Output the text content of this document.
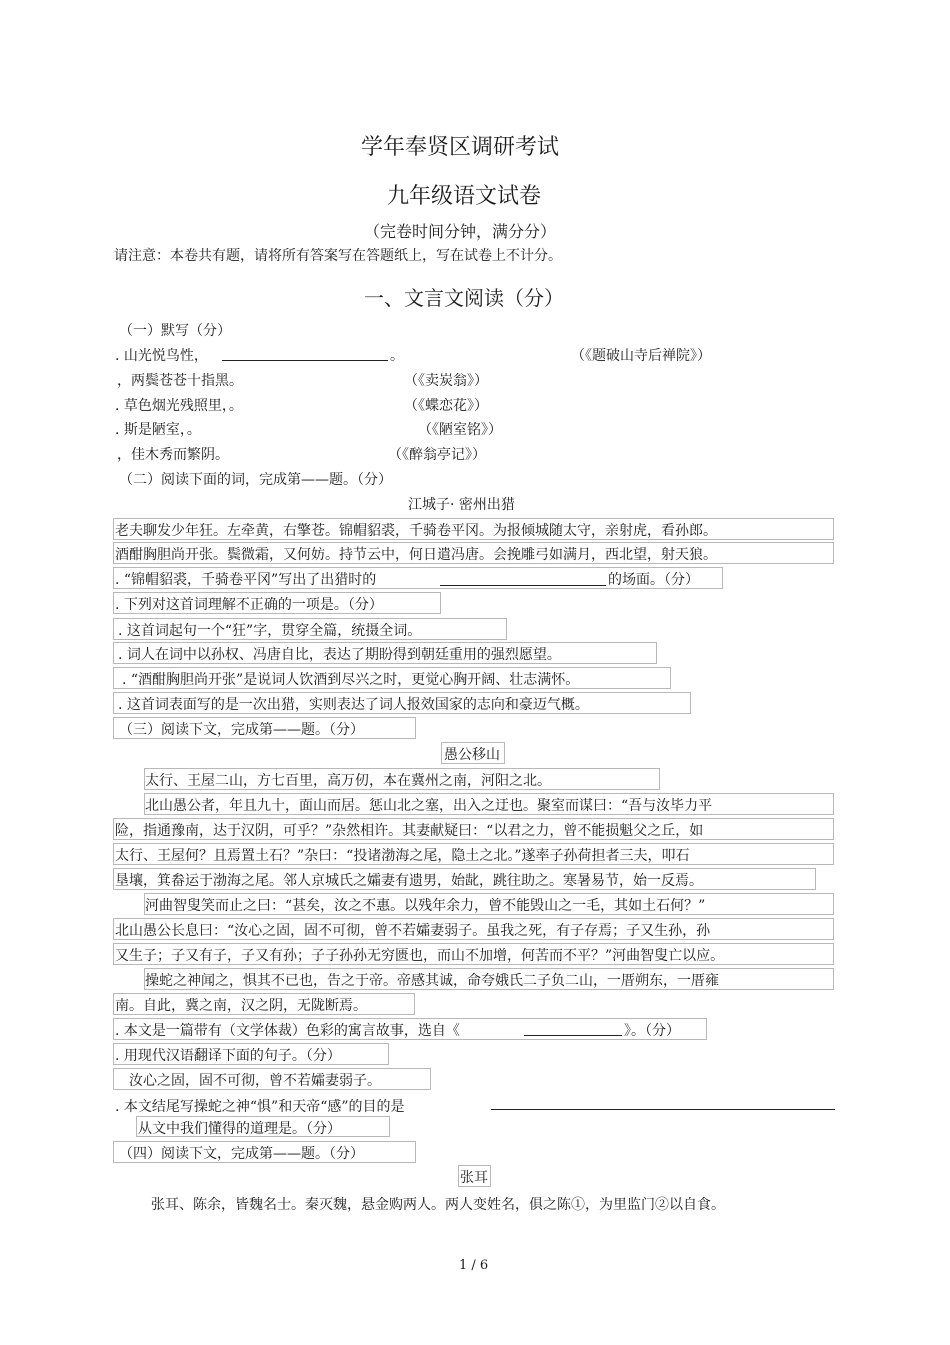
学年奉贤区调研考试
九年级语文试卷
（完卷时间分钟，满分分）
请注意：本卷共有题，请将所有答案写在答题纸上，写在试卷上不计分。
一、文言文阅读（分）
（一）默写（分）
. 山光悦鸟性，	。	（《题破山寺后禅院》）
，两鬓苍苍十指黑。	（《卖炭翁》）
. 草色烟光残照里，。	（《蝶恋花》）
. 斯是陋室，。	（《陋室铭》）
，佳木秀而繁阴。	（《醉翁亭记》）
（二）阅读下面的词，完成第——题。（分）
江城子· 密州出猎
老夫聊发少年狂。左牵黄，右擎苍。锦帽貂裘，千骑卷平冈。为报倾城随太守，亲射虎，看孙郎。
酒酣胸胆尚开张。鬓微霜，又何妨。持节云中，何日遣冯唐。会挽雕弓如满月，西北望，射天狼。
. “锦帽貂裘，千骑卷平冈”写出了出猎时的	的场面。（分）
. 下列对这首词理解不正确的一项是。（分）
. 这首词起句一个“狂”字，贯穿全篇，统摄全词。
. 词人在词中以孙权、冯唐自比，表达了期盼得到朝廷重用的强烈愿望。
. “酒酣胸胆尚开张”是说词人饮酒到尽兴之时，更觉心胸开阔、壮志满怀。
. 这首词表面写的是一次出猎，实则表达了词人报效国家的志向和豪迈气概。
（三）阅读下文，完成第——题。（分）
愚公移山
太行、王屋二山，方七百里，高万仞，本在冀州之南，河阳之北。
北山愚公者，年且九十，面山而居。惩山北之塞，出入之迂也。聚室而谋曰：“吾与汝毕力平
险，指通豫南，达于汉阴，可乎？”杂然相许。其妻献疑曰：“以君之力，曾不能损魁父之丘，如
太行、王屋何？且焉置土石？”杂曰：“投诸渤海之尾，隐土之北。”遂率子孙荷担者三夫，叩石
垦壤，箕畚运于渤海之尾。邻人京城氏之孀妻有遗男，始龀，跳往助之。寒暑易节，始一反焉。
河曲智叟笑而止之曰：“甚矣，汝之不惠。以残年余力，曾不能毁山之一毛，其如土石何？”
北山愚公长息曰：“汝心之固，固不可彻，曾不若孀妻弱子。虽我之死，有子存焉；子又生孙，孙
又生子；子又有子，子又有孙；子子孙孙无穷匮也，而山不加增，何苦而不平？”河曲智叟亡以应。
操蛇之神闻之，惧其不已也，告之于帝。帝感其诚，命夸娥氏二子负二山，一厝朔东，一厝雍
南。自此，冀之南，汉之阴，无陇断焉。
. 本文是一篇带有（文学体裁）色彩的寓言故事，选自《	》。（分）
. 用现代汉语翻译下面的句子。（分）
汝心之固，固不可彻，曾不若孀妻弱子。
. 本文结尾写操蛇之神“惧”和天帝“感”的目的是
从文中我们懂得的道理是。（分）
（四）阅读下文，完成第——题。（分）
张耳
张耳、陈余，皆魏名士。秦灭魏，悬金购两人。两人变姓名，俱之陈①，为里监门②以自食。
1 / 6
